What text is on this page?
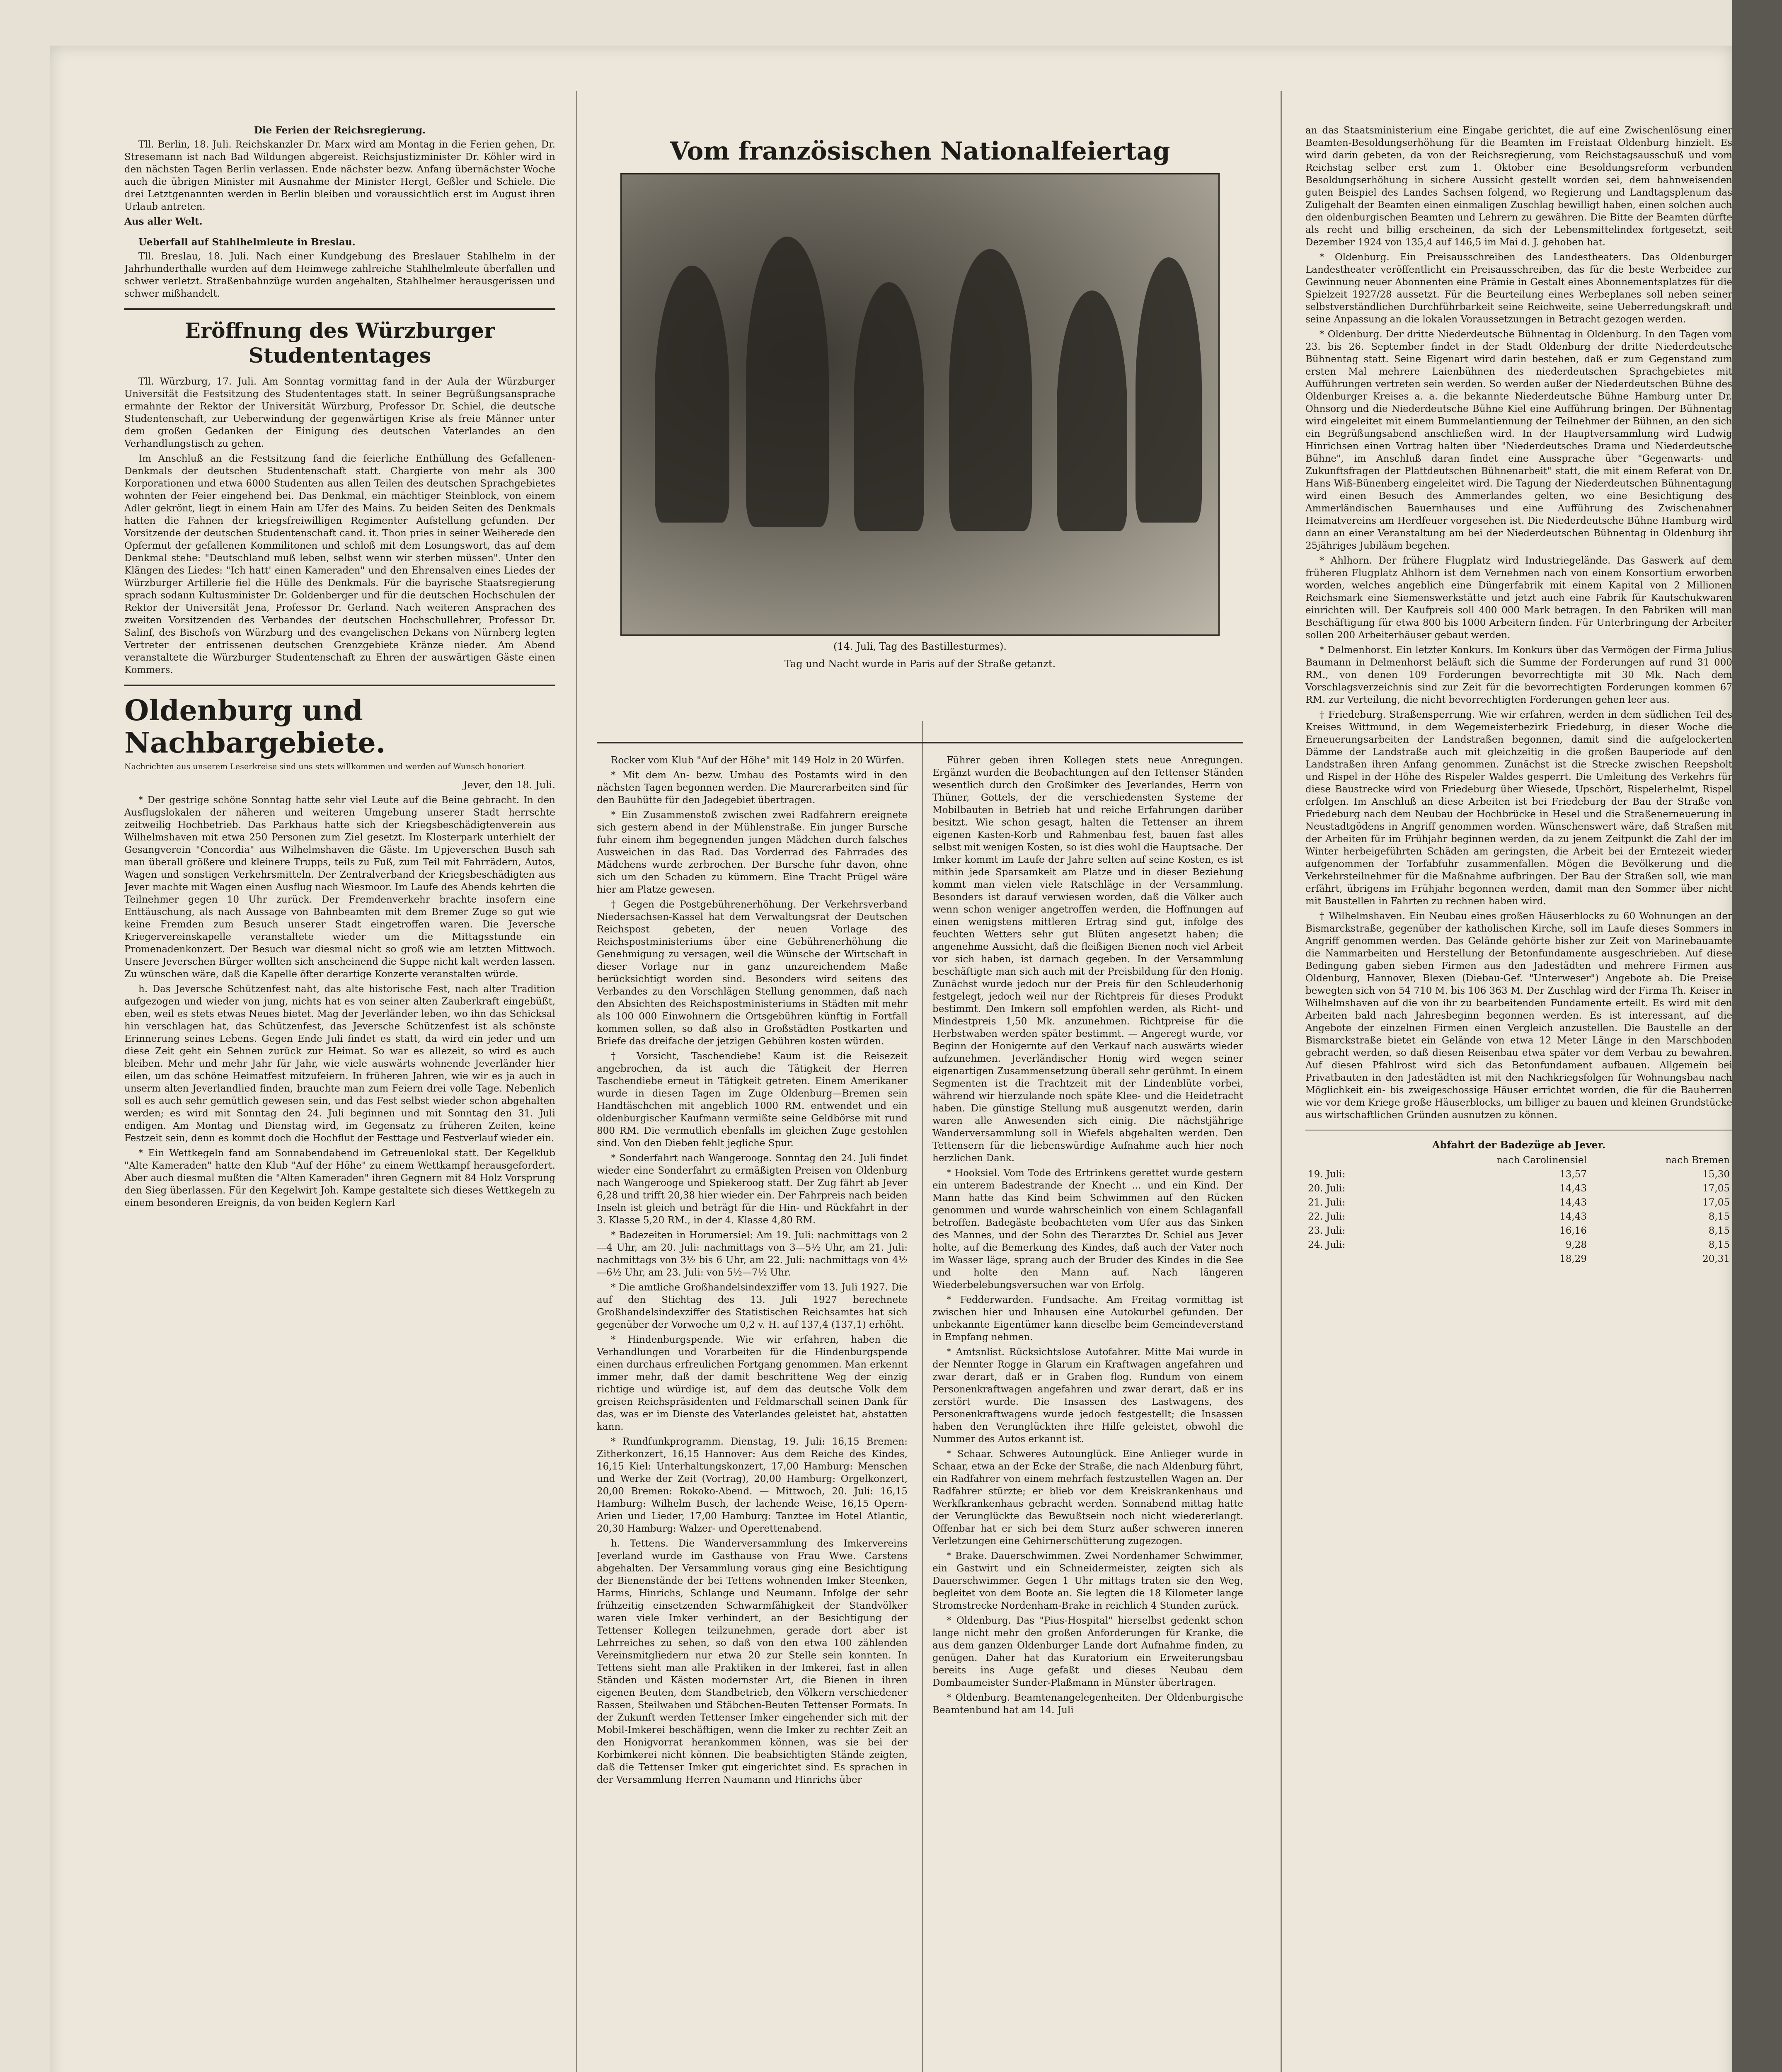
Die Ferien der Reichsregierung.

Tll. Berlin, 18. Juli. Reichskanzler Dr. Marx wird am Montag in die Ferien gehen, Dr. Stresemann ist nach Bad Wildungen abgereist. Reichsjustizminister Dr. Köhler wird in den nächsten Tagen Berlin verlassen. Ende nächster bezw. Anfang übernächster Woche auch die übrigen Minister mit Ausnahme der Minister Hergt, Geßler und Schiele. Die drei Letztgenannten werden in Berlin bleiben und voraussichtlich erst im August ihren Urlaub antreten.

Aus aller Welt.

Ueberfall auf Stahlhelmleute in Breslau.

Tll. Breslau, 18. Juli. Nach einer Kundgebung des Breslauer Stahlhelm in der Jahrhunderthalle wurden auf dem Heimwege zahlreiche Stahlhelmleute überfallen und schwer verletzt. Straßenbahnzüge wurden angehalten, Stahlhelmer herausgerissen und schwer mißhandelt.

Eröffnung des Würzburger Studententages

Tll. Würzburg, 17. Juli. Am Sonntag vormittag fand in der Aula der Würzburger Universität die Festsitzung des Studententages statt. In seiner Begrüßungsansprache ermahnte der Rektor der Universität Würzburg, Professor Dr. Schiel, die deutsche Studentenschaft, zur Ueberwindung der gegenwärtigen Krise als freie Männer unter dem großen Gedanken der Einigung des deutschen Vaterlandes an den Verhandlungstisch zu gehen.

Im Anschluß an die Festsitzung fand die feierliche Enthüllung des Gefallenen-Denkmals der deutschen Studentenschaft statt. Chargierte von mehr als 300 Korporationen und etwa 6000 Studenten aus allen Teilen des deutschen Sprachgebietes wohnten der Feier eingehend bei. Das Denkmal, ein mächtiger Steinblock, von einem Adler gekrönt, liegt in einem Hain am Ufer des Mains. Zu beiden Seiten des Denkmals hatten die Fahnen der kriegsfreiwilligen Regimenter Aufstellung gefunden. Der Vorsitzende der deutschen Studentenschaft cand. it. Thon pries in seiner Weiherede den Opfermut der gefallenen Kommilitonen und schloß mit dem Losungswort, das auf dem Denkmal stehe: "Deutschland muß leben, selbst wenn wir sterben müssen". Unter den Klängen des Liedes: "Ich hatt' einen Kameraden" und den Ehrensalven eines Liedes der Würzburger Artillerie fiel die Hülle des Denkmals. Für die bayrische Staatsregierung sprach sodann Kultusminister Dr. Goldenberger und für die deutschen Hochschulen der Rektor der Universität Jena, Professor Dr. Gerland. Nach weiteren Ansprachen des zweiten Vorsitzenden des Verbandes der deutschen Hochschullehrer, Professor Dr. Salinf, des Bischofs von Würzburg und des evangelischen Dekans von Nürnberg legten Vertreter der entrissenen deutschen Grenzgebiete Kränze nieder. Am Abend veranstaltete die Würzburger Studentenschaft zu Ehren der auswärtigen Gäste einen Kommers.

Oldenburg und Nachbargebiete.
Nachrichten aus unserem Leserkreise sind uns stets willkommen und werden auf Wunsch honoriert
Jever, den 18. Juli.

* Der gestrige schöne Sonntag hatte sehr viel Leute auf die Beine gebracht. In den Ausflugslokalen der näheren und weiteren Umgebung unserer Stadt herrschte zeitweilig Hochbetrieb. Das Parkhaus hatte sich der Kriegsbeschädigtenverein aus Wilhelmshaven mit etwa 250 Personen zum Ziel gesetzt. Im Klosterpark unterhielt der Gesangverein "Concordia" aus Wilhelmshaven die Gäste. Im Upjeverschen Busch sah man überall größere und kleinere Trupps, teils zu Fuß, zum Teil mit Fahrrädern, Autos, Wagen und sonstigen Verkehrsmitteln. Der Zentralverband der Kriegsbeschädigten aus Jever machte mit Wagen einen Ausflug nach Wiesmoor. Im Laufe des Abends kehrten die Teilnehmer gegen 10 Uhr zurück. Der Fremdenverkehr brachte insofern eine Enttäuschung, als nach Aussage von Bahnbeamten mit dem Bremer Zuge so gut wie keine Fremden zum Besuch unserer Stadt eingetroffen waren. Die Jeversche Kriegervereinskapelle veranstaltete wieder um die Mittagsstunde ein Promenadenkonzert. Der Besuch war diesmal nicht so groß wie am letzten Mittwoch. Unsere Jeverschen Bürger wollten sich anscheinend die Suppe nicht kalt werden lassen. Zu wünschen wäre, daß die Kapelle öfter derartige Konzerte veranstalten würde.

h. Das Jeversche Schützenfest naht, das alte historische Fest, nach alter Tradition aufgezogen und wieder von jung, nichts hat es von seiner alten Zauberkraft eingebüßt, eben, weil es stets etwas Neues bietet. Mag der Jeverländer leben, wo ihn das Schicksal hin verschlagen hat, das Schützenfest, das Jeversche Schützenfest ist als schönste Erinnerung seines Lebens. Gegen Ende Juli findet es statt, da wird ein jeder und um diese Zeit geht ein Sehnen zurück zur Heimat. So war es allezeit, so wird es auch bleiben. Mehr und mehr Jahr für Jahr, wie viele auswärts wohnende Jeverländer hier eilen, um das schöne Heimatfest mitzufeiern. In früheren Jahren, wie wir es ja auch in unserm alten Jeverlandlied finden, brauchte man zum Feiern drei volle Tage. Nebenlich soll es auch sehr gemütlich gewesen sein, und das Fest selbst wieder schon abgehalten werden; es wird mit Sonntag den 24. Juli beginnen und mit Sonntag den 31. Juli endigen. Am Montag und Dienstag wird, im Gegensatz zu früheren Zeiten, keine Festzeit sein, denn es kommt doch die Hochflut der Festtage und Festverlauf wieder ein.

* Ein Wettkegeln fand am Sonnabendabend im Getreuenlokal statt. Der Kegelklub "Alte Kameraden" hatte den Klub "Auf der Höhe" zu einem Wettkampf herausgefordert. Aber auch diesmal mußten die "Alten Kameraden" ihren Gegnern mit 84 Holz Vorsprung den Sieg überlassen. Für den Kegelwirt Joh. Kampe gestaltete sich dieses Wettkegeln zu einem besonderen Ereignis, da von beiden Keglern Karl

Vom französischen Nationalfeiertag
(14. Juli, Tag des Bastillesturmes).
Tag und Nacht wurde in Paris auf der Straße getanzt.

Rocker vom Klub "Auf der Höhe" mit 149 Holz in 20 Würfen.

* Mit dem An- bezw. Umbau des Postamts wird in den nächsten Tagen begonnen werden. Die Maurerarbeiten sind für den Bauhütte für den Jadegebiet übertragen.

* Ein Zusammenstoß zwischen zwei Radfahrern ereignete sich gestern abend in der Mühlenstraße. Ein junger Bursche fuhr einem ihm begegnenden jungen Mädchen durch falsches Ausweichen in das Rad. Das Vorderrad des Fahrrades des Mädchens wurde zerbrochen. Der Bursche fuhr davon, ohne sich um den Schaden zu kümmern. Eine Tracht Prügel wäre hier am Platze gewesen.

† Gegen die Postgebührenerhöhung. Der Verkehrsverband Niedersachsen-Kassel hat dem Verwaltungsrat der Deutschen Reichspost gebeten, der neuen Vorlage des Reichspostministeriums über eine Gebührenerhöhung die Genehmigung zu versagen, weil die Wünsche der Wirtschaft in dieser Vorlage nur in ganz unzureichendem Maße berücksichtigt worden sind. Besonders wird seitens des Verbandes zu den Vorschlägen Stellung genommen, daß nach den Absichten des Reichspostministeriums in Städten mit mehr als 100 000 Einwohnern die Ortsgebühren künftig in Fortfall kommen sollen, so daß also in Großstädten Postkarten und Briefe das dreifache der jetzigen Gebühren kosten würden.

† Vorsicht, Taschendiebe! Kaum ist die Reisezeit angebrochen, da ist auch die Tätigkeit der Herren Taschendiebe erneut in Tätigkeit getreten. Einem Amerikaner wurde in diesen Tagen im Zuge Oldenburg—Bremen sein Handtäschchen mit angeblich 1000 RM. entwendet und ein oldenburgischer Kaufmann vermißte seine Geldbörse mit rund 800 RM. Die vermutlich ebenfalls im gleichen Zuge gestohlen sind. Von den Dieben fehlt jegliche Spur.

* Sonderfahrt nach Wangerooge. Sonntag den 24. Juli findet wieder eine Sonderfahrt zu ermäßigten Preisen von Oldenburg nach Wangerooge und Spiekeroog statt. Der Zug fährt ab Jever 6,28 und trifft 20,38 hier wieder ein. Der Fahrpreis nach beiden Inseln ist gleich und beträgt für die Hin- und Rückfahrt in der 3. Klasse 5,20 RM., in der 4. Klasse 4,80 RM.

* Badezeiten in Horumersiel: Am 19. Juli: nachmittags von 2—4 Uhr, am 20. Juli: nachmittags von 3—5½ Uhr, am 21. Juli: nachmittags von 3½ bis 6 Uhr, am 22. Juli: nachmittags von 4½—6½ Uhr, am 23. Juli: von 5½—7½ Uhr.

* Die amtliche Großhandelsindexziffer vom 13. Juli 1927. Die auf den Stichtag des 13. Juli 1927 berechnete Großhandelsindexziffer des Statistischen Reichsamtes hat sich gegenüber der Vorwoche um 0,2 v. H. auf 137,4 (137,1) erhöht.

* Hindenburgspende. Wie wir erfahren, haben die Verhandlungen und Vorarbeiten für die Hindenburgspende einen durchaus erfreulichen Fortgang genommen. Man erkennt immer mehr, daß der damit beschrittene Weg der einzig richtige und würdige ist, auf dem das deutsche Volk dem greisen Reichspräsidenten und Feldmarschall seinen Dank für das, was er im Dienste des Vaterlandes geleistet hat, abstatten kann.

* Rundfunkprogramm. Dienstag, 19. Juli: 16,15 Bremen: Zitherkonzert, 16,15 Hannover: Aus dem Reiche des Kindes, 16,15 Kiel: Unterhaltungskonzert, 17,00 Hamburg: Menschen und Werke der Zeit (Vortrag), 20,00 Hamburg: Orgelkonzert, 20,00 Bremen: Rokoko-Abend. — Mittwoch, 20. Juli: 16,15 Hamburg: Wilhelm Busch, der lachende Weise, 16,15 Opern-Arien und Lieder, 17,00 Hamburg: Tanztee im Hotel Atlantic, 20,30 Hamburg: Walzer- und Operettenabend.

h. Tettens. Die Wanderversammlung des Imkervereins Jeverland wurde im Gasthause von Frau Wwe. Carstens abgehalten. Der Versammlung voraus ging eine Besichtigung der Bienenstände der bei Tettens wohnenden Imker Steenken, Harms, Hinrichs, Schlange und Neumann. Infolge der sehr frühzeitig einsetzenden Schwarmfähigkeit der Standvölker waren viele Imker verhindert, an der Besichtigung der Tettenser Kollegen teilzunehmen, gerade dort aber ist Lehrreiches zu sehen, so daß von den etwa 100 zählenden Vereinsmitgliedern nur etwa 20 zur Stelle sein konnten. In Tettens sieht man alle Praktiken in der Imkerei, fast in allen Ständen und Kästen modernster Art, die Bienen in ihren eigenen Beuten, dem Standbetrieb, den Völkern verschiedener Rassen, Steilwaben und Stäbchen-Beuten Tettenser Formats. In der Zukunft werden Tettenser Imker eingehender sich mit der Mobil-Imkerei beschäftigen, wenn die Imker zu rechter Zeit an den Honigvorrat herankommen können, was sie bei der Korbimkerei nicht können. Die beabsichtigten Stände zeigten, daß die Tettenser Imker gut eingerichtet sind. Es sprachen in der Versammlung Herren Naumann und Hinrichs über

Führer geben ihren Kollegen stets neue Anregungen. Ergänzt wurden die Beobachtungen auf den Tettenser Ständen wesentlich durch den Großimker des Jeverlandes, Herrn von Thüner, Gottels, der die verschiedensten Systeme der Mobilbauten in Betrieb hat und reiche Erfahrungen darüber besitzt. Wie schon gesagt, halten die Tettenser an ihrem eigenen Kasten-Korb und Rahmenbau fest, bauen fast alles selbst mit wenigen Kosten, so ist dies wohl die Hauptsache. Der Imker kommt im Laufe der Jahre selten auf seine Kosten, es ist mithin jede Sparsamkeit am Platze und in dieser Beziehung kommt man vielen viele Ratschläge in der Versammlung. Besonders ist darauf verwiesen worden, daß die Völker auch wenn schon weniger angetroffen werden, die Hoffnungen auf einen wenigstens mittleren Ertrag sind gut, infolge des feuchten Wetters sehr gut Blüten angesetzt haben; die angenehme Aussicht, daß die fleißigen Bienen noch viel Arbeit vor sich haben, ist darnach gegeben. In der Versammlung beschäftigte man sich auch mit der Preisbildung für den Honig. Zunächst wurde jedoch nur der Preis für den Schleuderhonig festgelegt, jedoch weil nur der Richtpreis für dieses Produkt bestimmt. Den Imkern soll empfohlen werden, als Richt- und Mindestpreis 1,50 Mk. anzunehmen. Richtpreise für die Herbstwaben werden später bestimmt. — Angeregt wurde, vor Beginn der Honigernte auf den Verkauf nach auswärts wieder aufzunehmen. Jeverländischer Honig wird wegen seiner eigenartigen Zusammensetzung überall sehr gerühmt. In einem Segmenten ist die Trachtzeit mit der Lindenblüte vorbei, während wir hierzulande noch späte Klee- und die Heidetracht haben. Die günstige Stellung muß ausgenutzt werden, darin waren alle Anwesenden sich einig. Die nächstjährige Wanderversammlung soll in Wiefels abgehalten werden. Den Tettensern für die liebenswürdige Aufnahme auch hier noch herzlichen Dank.

* Hooksiel. Vom Tode des Ertrinkens gerettet wurde gestern ein unterem Badestrande der Knecht ... und ein Kind. Der Mann hatte das Kind beim Schwimmen auf den Rücken genommen und wurde wahrscheinlich von einem Schlaganfall betroffen. Badegäste beobachteten vom Ufer aus das Sinken des Mannes, und der Sohn des Tierarztes Dr. Schiel aus Jever holte, auf die Bemerkung des Kindes, daß auch der Vater noch im Wasser läge, sprang auch der Bruder des Kindes in die See und holte den Mann auf. Nach längeren Wiederbelebungsversuchen war von Erfolg.

* Fedderwarden. Fundsache. Am Freitag vormittag ist zwischen hier und Inhausen eine Autokurbel gefunden. Der unbekannte Eigentümer kann dieselbe beim Gemeindeverstand in Empfang nehmen.

* Amtsnlist. Rücksichtslose Autofahrer. Mitte Mai wurde in der Nennter Rogge in Glarum ein Kraftwagen angefahren und zwar derart, daß er in Graben flog. Rundum von einem Personenkraftwagen angefahren und zwar derart, daß er ins zerstört wurde. Die Insassen des Lastwagens, des Personenkraftwagens wurde jedoch festgestellt; die Insassen haben den Verunglückten ihre Hilfe geleistet, obwohl die Nummer des Autos erkannt ist.

* Schaar. Schweres Autounglück. Eine Anlieger wurde in Schaar, etwa an der Ecke der Straße, die nach Aldenburg führt, ein Radfahrer von einem mehrfach festzustellen Wagen an. Der Radfahrer stürzte; er blieb vor dem Kreiskrankenhaus und Werkfkrankenhaus gebracht werden. Sonnabend mittag hatte der Verunglückte das Bewußtsein noch nicht wiedererlangt. Offenbar hat er sich bei dem Sturz außer schweren inneren Verletzungen eine Gehirnerschütterung zugezogen.

* Brake. Dauerschwimmen. Zwei Nordenhamer Schwimmer, ein Gastwirt und ein Schneidermeister, zeigten sich als Dauerschwimmer. Gegen 1 Uhr mittags traten sie den Weg, begleitet von dem Boote an. Sie legten die 18 Kilometer lange Stromstrecke Nordenham-Brake in reichlich 4 Stunden zurück.

* Oldenburg. Das "Pius-Hospital" hierselbst gedenkt schon lange nicht mehr den großen Anforderungen für Kranke, die aus dem ganzen Oldenburger Lande dort Aufnahme finden, zu genügen. Daher hat das Kuratorium ein Erweiterungsbau bereits ins Auge gefaßt und dieses Neubau dem Dombaumeister Sunder-Plaßmann in Münster übertragen.

* Oldenburg. Beamtenangelegenheiten. Der Oldenburgische Beamtenbund hat am 14. Juli

an das Staatsministerium eine Eingabe gerichtet, die auf eine Zwischenlösung einer Beamten-Besoldungserhöhung für die Beamten im Freistaat Oldenburg hinzielt. Es wird darin gebeten, da von der Reichsregierung, vom Reichstagsausschuß und vom Reichstag selber erst zum 1. Oktober eine Besoldungsreform verbunden Besoldungserhöhung in sichere Aussicht gestellt worden sei, dem bahnweisenden guten Beispiel des Landes Sachsen folgend, wo Regierung und Landtagsplenum das Zuligehalt der Beamten einen einmaligen Zuschlag bewilligt haben, einen solchen auch den oldenburgischen Beamten und Lehrern zu gewähren. Die Bitte der Beamten dürfte als recht und billig erscheinen, da sich der Lebensmittelindex fortgesetzt, seit Dezember 1924 von 135,4 auf 146,5 im Mai d. J. gehoben hat.

* Oldenburg. Ein Preisausschreiben des Landestheaters. Das Oldenburger Landestheater veröffentlicht ein Preisausschreiben, das für die beste Werbeidee zur Gewinnung neuer Abonnenten eine Prämie in Gestalt eines Abonnementsplatzes für die Spielzeit 1927/28 aussetzt. Für die Beurteilung eines Werbeplanes soll neben seiner selbstverständlichen Durchführbarkeit seine Reichweite, seine Ueberredungskraft und seine Anpassung an die lokalen Voraussetzungen in Betracht gezogen werden.

* Oldenburg. Der dritte Niederdeutsche Bühnentag in Oldenburg. In den Tagen vom 23. bis 26. September findet in der Stadt Oldenburg der dritte Niederdeutsche Bühnentag statt. Seine Eigenart wird darin bestehen, daß er zum Gegenstand zum ersten Mal mehrere Laienbühnen des niederdeutschen Sprachgebietes mit Aufführungen vertreten sein werden. So werden außer der Niederdeutschen Bühne des Oldenburger Kreises a. a. die bekannte Niederdeutsche Bühne Hamburg unter Dr. Ohnsorg und die Niederdeutsche Bühne Kiel eine Aufführung bringen. Der Bühnentag wird eingeleitet mit einem Bummelantiennung der Teilnehmer der Bühnen, an den sich ein Begrüßungsabend anschließen wird. In der Hauptversammlung wird Ludwig Hinrichsen einen Vortrag halten über "Niederdeutsches Drama und Niederdeutsche Bühne", im Anschluß daran findet eine Aussprache über "Gegenwarts- und Zukunftsfragen der Plattdeutschen Bühnenarbeit" statt, die mit einem Referat von Dr. Hans Wiß-Bünenberg eingeleitet wird. Die Tagung der Niederdeutschen Bühnentagung wird einen Besuch des Ammerlandes gelten, wo eine Besichtigung des Ammerländischen Bauernhauses und eine Aufführung des Zwischenahner Heimatvereins am Herdfeuer vorgesehen ist. Die Niederdeutsche Bühne Hamburg wird dann an einer Veranstaltung am bei der Niederdeutschen Bühnentag in Oldenburg ihr 25jähriges Jubiläum begehen.

* Ahlhorn. Der frühere Flugplatz wird Industriegelände. Das Gaswerk auf dem früheren Flugplatz Ahlhorn ist dem Vernehmen nach von einem Konsortium erworben worden, welches angeblich eine Düngerfabrik mit einem Kapital von 2 Millionen Reichsmark eine Siemenswerkstätte und jetzt auch eine Fabrik für Kautschukwaren einrichten will. Der Kaufpreis soll 400 000 Mark betragen. In den Fabriken will man Beschäftigung für etwa 800 bis 1000 Arbeitern finden. Für Unterbringung der Arbeiter sollen 200 Arbeiterhäuser gebaut werden.

* Delmenhorst. Ein letzter Konkurs. Im Konkurs über das Vermögen der Firma Julius Baumann in Delmenhorst beläuft sich die Summe der Forderungen auf rund 31 000 RM., von denen 109 Forderungen bevorrechtigte mit 30 Mk. Nach dem Vorschlagsverzeichnis sind zur Zeit für die bevorrechtigten Forderungen kommen 67 RM. zur Verteilung, die nicht bevorrechtigten Forderungen gehen leer aus.

† Friedeburg. Straßensperrung. Wie wir erfahren, werden in dem südlichen Teil des Kreises Wittmund, in dem Wegemeisterbezirk Friedeburg, in dieser Woche die Erneuerungsarbeiten der Landstraßen begonnen, damit sind die aufgelockerten Dämme der Landstraße auch mit gleichzeitig in die großen Bauperiode auf den Landstraßen ihren Anfang genommen. Zunächst ist die Strecke zwischen Reepsholt und Rispel in der Höhe des Rispeler Waldes gesperrt. Die Umleitung des Verkehrs für diese Baustrecke wird von Friedeburg über Wiesede, Upschört, Rispelerhelmt, Rispel erfolgen. Im Anschluß an diese Arbeiten ist bei Friedeburg der Bau der Straße von Friedeburg nach dem Neubau der Hochbrücke in Hesel und die Straßenerneuerung in Neustadtgödens in Angriff genommen worden. Wünschenswert wäre, daß Straßen mit der Arbeiten für im Frühjahr beginnen werden, da zu jenem Zeitpunkt die Zahl der im Winter herbeigeführten Schäden am geringsten, die Arbeit bei der Erntezeit wieder aufgenommen der Torfabfuhr zusammenfallen. Mögen die Bevölkerung und die Verkehrsteilnehmer für die Maßnahme aufbringen. Der Bau der Straßen soll, wie man erfährt, übrigens im Frühjahr begonnen werden, damit man den Sommer über nicht mit Baustellen in Fahrten zu rechnen haben wird.

† Wilhelmshaven. Ein Neubau eines großen Häuserblocks zu 60 Wohnungen an der Bismarckstraße, gegenüber der katholischen Kirche, soll im Laufe dieses Sommers in Angriff genommen werden. Das Gelände gehörte bisher zur Zeit von Marinebauamte die Nammarbeiten und Herstellung der Betonfundamente ausgeschrieben. Auf diese Bedingung gaben sieben Firmen aus den Jadestädten und mehrere Firmen aus Oldenburg, Hannover, Blexen (Diebau-Gef. "Unterweser") Angebote ab. Die Preise bewegten sich von 54 710 M. bis 106 363 M. Der Zuschlag wird der Firma Th. Keiser in Wilhelmshaven auf die von ihr zu bearbeitenden Fundamente erteilt. Es wird mit den Arbeiten bald nach Jahresbeginn begonnen werden. Es ist interessant, auf die Angebote der einzelnen Firmen einen Vergleich anzustellen. Die Baustelle an der Bismarckstraße bietet ein Gelände von etwa 12 Meter Länge in den Marschboden gebracht werden, so daß diesen Reisenbau etwa später vor dem Verbau zu bewahren. Auf diesen Pfahlrost wird sich das Betonfundament aufbauen. Allgemein bei Privatbauten in den Jadestädten ist mit den Nachkriegsfolgen für Wohnungsbau nach Möglichkeit ein- bis zweigeschossige Häuser errichtet worden, die für die Bauherren wie vor dem Kriege große Häuserblocks, um billiger zu bauen und kleinen Grundstücke aus wirtschaftlichen Gründen ausnutzen zu können.

Abfahrt der Badezüge ab Jever.
	nach Carolinensiel	nach Bremen
19. Juli:	13,57	15,30
20. Juli:	14,43	17,05
21. Juli:	14,43	17,05
22. Juli:	14,43	8,15
23. Juli:	16,16	8,15
24. Juli:	9,28	8,15
	18,29	20,31
